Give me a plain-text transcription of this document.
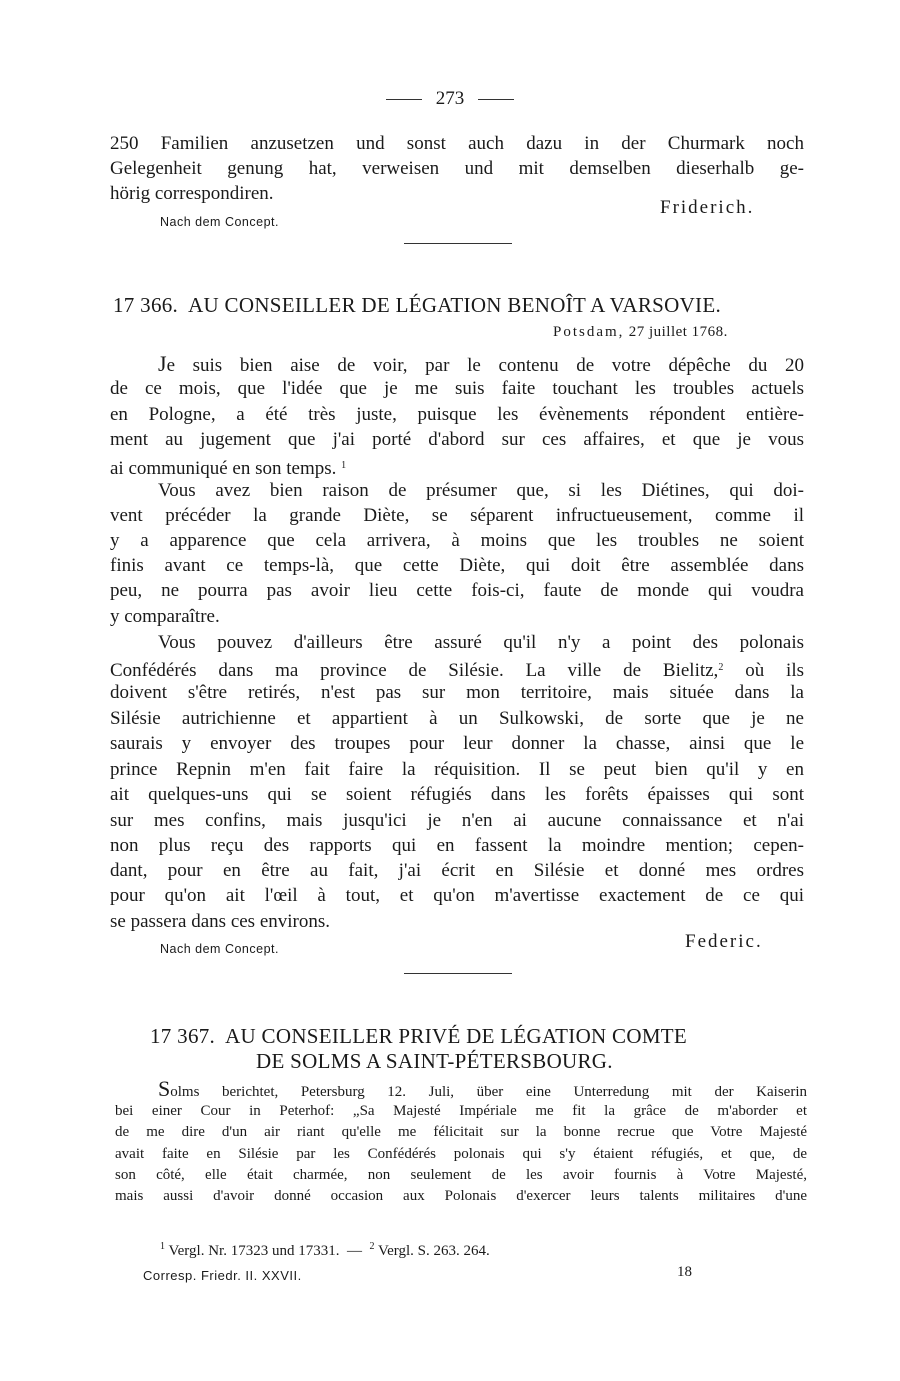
273
250 Familien anzusetzen und sonst auch dazu in der Churmark noch
Gelegenheit genung hat, verweisen und mit demselben dieserhalb ge-
hörig correspondiren.
Friderich.
Nach dem Concept.
17 366. AU CONSEILLER DE LÉGATION BENOÎT A VARSOVIE.
Potsdam, 27 juillet 1768.
Je suis bien aise de voir, par le contenu de votre dépêche du 20
de ce mois, que l'idée que je me suis faite touchant les troubles actuels
en Pologne, a été très juste, puisque les évènements répondent entière-
ment au jugement que j'ai porté d'abord sur ces affaires, et que je vous
ai communiqué en son temps. $^1$
Vous avez bien raison de présumer que, si les Diétines, qui doi-
vent précéder la grande Diète, se séparent infructueusement, comme il
y a apparence que cela arrivera, à moins que les troubles ne soient
finis avant ce temps-là, que cette Diète, qui doit être assemblée dans
peu, ne pourra pas avoir lieu cette fois-ci, faute de monde qui voudra
y comparaître.
Vous pouvez d'ailleurs être assuré qu'il n'y a point des polonais
Confédérés dans ma province de Silésie. La ville de Bielitz,$^2$ où ils
doivent s'être retirés, n'est pas sur mon territoire, mais située dans la
Silésie autrichienne et appartient à un Sulkowski, de sorte que je ne
saurais y envoyer des troupes pour leur donner la chasse, ainsi que le
prince Repnin m'en fait faire la réquisition. Il se peut bien qu'il y en
ait quelques-uns qui se soient réfugiés dans les forêts épaisses qui sont
sur mes confins, mais jusqu'ici je n'en ai aucune connaissance et n'ai
non plus reçu des rapports qui en fassent la moindre mention; cepen-
dant, pour en être au fait, j'ai écrit en Silésie et donné mes ordres
pour qu'on ait l'œil à tout, et qu'on m'avertisse exactement de ce qui
se passera dans ces environs.
Federic.
Nach dem Concept.
17 367. AU CONSEILLER PRIVÉ DE LÉGATION COMTE
DE SOLMS A SAINT-PÉTERSBOURG.
Solms berichtet, Petersburg 12. Juli, über eine Unterredung mit der Kaiserin
bei einer Cour in Peterhof: „Sa Majesté Impériale me fit la grâce de m'aborder et
de me dire d'un air riant qu'elle me félicitait sur la bonne recrue que Votre Majesté
avait faite en Silésie par les Confédérés polonais qui s'y étaient réfugiés, et que, de
son côté, elle était charmée, non seulement de les avoir fournis à Votre Majesté,
mais aussi d'avoir donné occasion aux Polonais d'exercer leurs talents militaires d'une
$^1$ Vergl. Nr. 17323 und 17331. — $^2$ Vergl. S. 263. 264.
Corresp. Friedr. II. XXVII.	18
